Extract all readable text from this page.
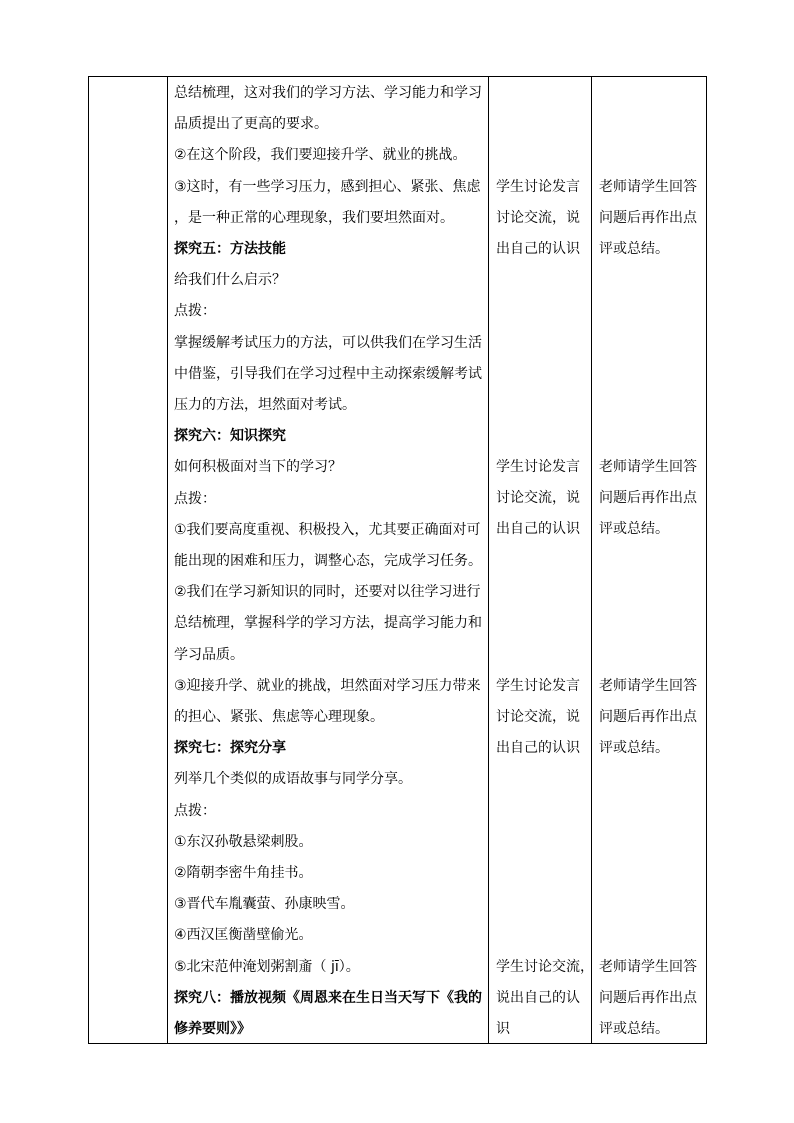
总结梳理，这对我们的学习方法、学习能力和学习
品质提出了更高的要求。
②在这个阶段，我们要迎接升学、就业的挑战。
③这时，有一些学习压力，感到担心、紧张、焦虑
，是一种正常的心理现象，我们要坦然面对。
探究五：方法技能
给我们什么启示？
点拨：
掌握缓解考试压力的方法，可以供我们在学习生活
中借鉴，引导我们在学习过程中主动探索缓解考试
压力的方法，坦然面对考试。
探究六：知识探究
如何积极面对当下的学习？
点拨：
①我们要高度重视、积极投入，尤其要正确面对可
能出现的困难和压力，调整心态，完成学习任务。
②我们在学习新知识的同时，还要对以往学习进行
总结梳理，掌握科学的学习方法，提高学习能力和
学习品质。
③迎接升学、就业的挑战，坦然面对学习压力带来
的担心、紧张、焦虑等心理现象。
探究七：探究分享
列举几个类似的成语故事与同学分享。
点拨：
①东汉孙敬悬梁刺股。
②隋朝李密牛角挂书。
③晋代车胤囊萤、孙康映雪。
④西汉匡衡凿壁偷光。
⑤北宋范仲淹划粥割齑（ jī）。
探究八：播放视频《周恩来在生日当天写下《我的
修养要则》》
学生讨论发言
讨论交流，说
出自己的认识
学生讨论发言
讨论交流，说
出自己的认识
学生讨论发言
讨论交流，说
出自己的认识
学生讨论交流，
说出自己的认
识
老师请学生回答
问题后再作出点
评或总结。
老师请学生回答
问题后再作出点
评或总结。
老师请学生回答
问题后再作出点
评或总结。
老师请学生回答
问题后再作出点
评或总结。
